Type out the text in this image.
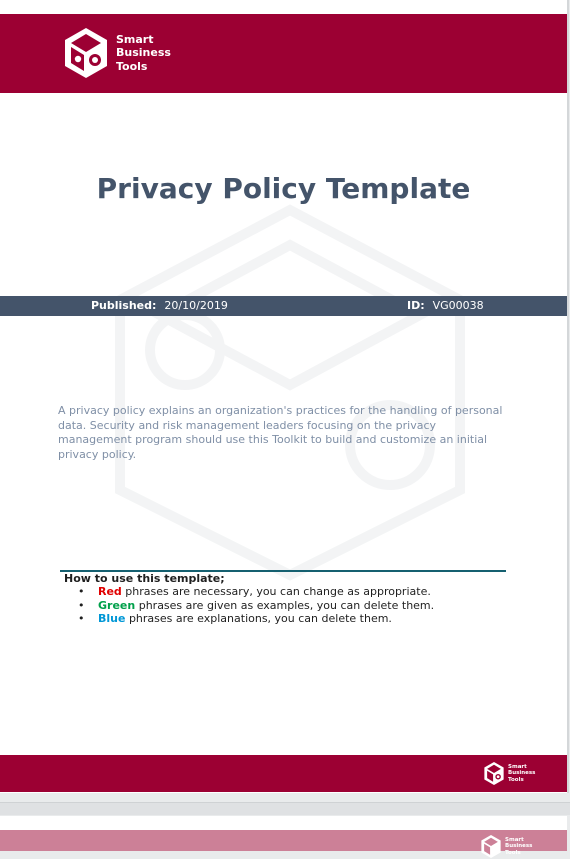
Smart
Business
Tools
Privacy Policy Template
Published: 20/10/2019	ID: VG00038
A privacy policy explains an organization's practices for the handling of personal data. Security and risk management leaders focusing on the privacy management program should use this Toolkit to build and customize an initial privacy policy.
How to use this template;
• Red phrases are necessary, you can change as appropriate.
• Green phrases are given as examples, you can delete them.
• Blue phrases are explanations, you can delete them.
Smart
Business
Tools
Smart
Business
Tools
